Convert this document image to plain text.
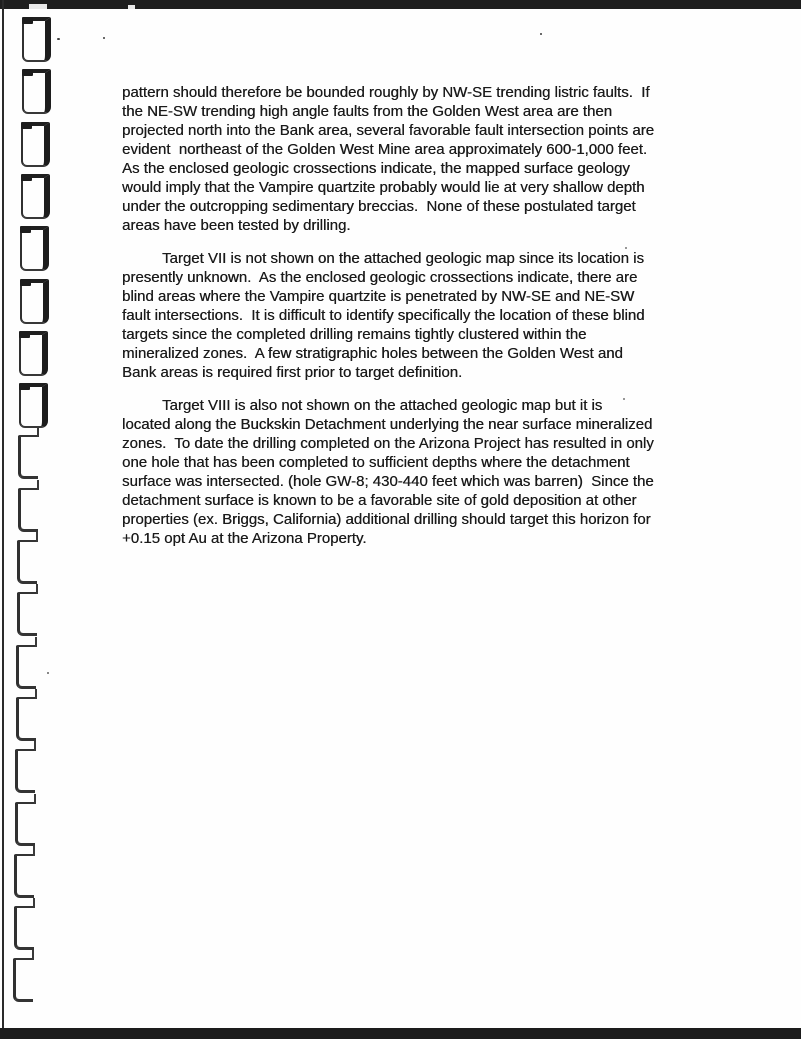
pattern should therefore be bounded roughly by NW-SE trending listric faults.  If
the NE-SW trending high angle faults from the Golden West area are then
projected north into the Bank area, several favorable fault intersection points are
evident  northeast of the Golden West Mine area approximately 600-1,000 feet.
As the enclosed geologic crossections indicate, the mapped surface geology
would imply that the Vampire quartzite probably would lie at very shallow depth
under the outcropping sedimentary breccias.  None of these postulated target
areas have been tested by drilling.
Target VII is not shown on the attached geologic map since its location is
presently unknown.  As the enclosed geologic crossections indicate, there are
blind areas where the Vampire quartzite is penetrated by NW-SE and NE-SW
fault intersections.  It is difficult to identify specifically the location of these blind
targets since the completed drilling remains tightly clustered within the
mineralized zones.  A few stratigraphic holes between the Golden West and
Bank areas is required first prior to target definition.
Target VIII is also not shown on the attached geologic map but it is
located along the Buckskin Detachment underlying the near surface mineralized
zones.  To date the drilling completed on the Arizona Project has resulted in only
one hole that has been completed to sufficient depths where the detachment
surface was intersected. (hole GW-8; 430-440 feet which was barren)  Since the
detachment surface is known to be a favorable site of gold deposition at other
properties (ex. Briggs, California) additional drilling should target this horizon for
+0.15 opt Au at the Arizona Property.
